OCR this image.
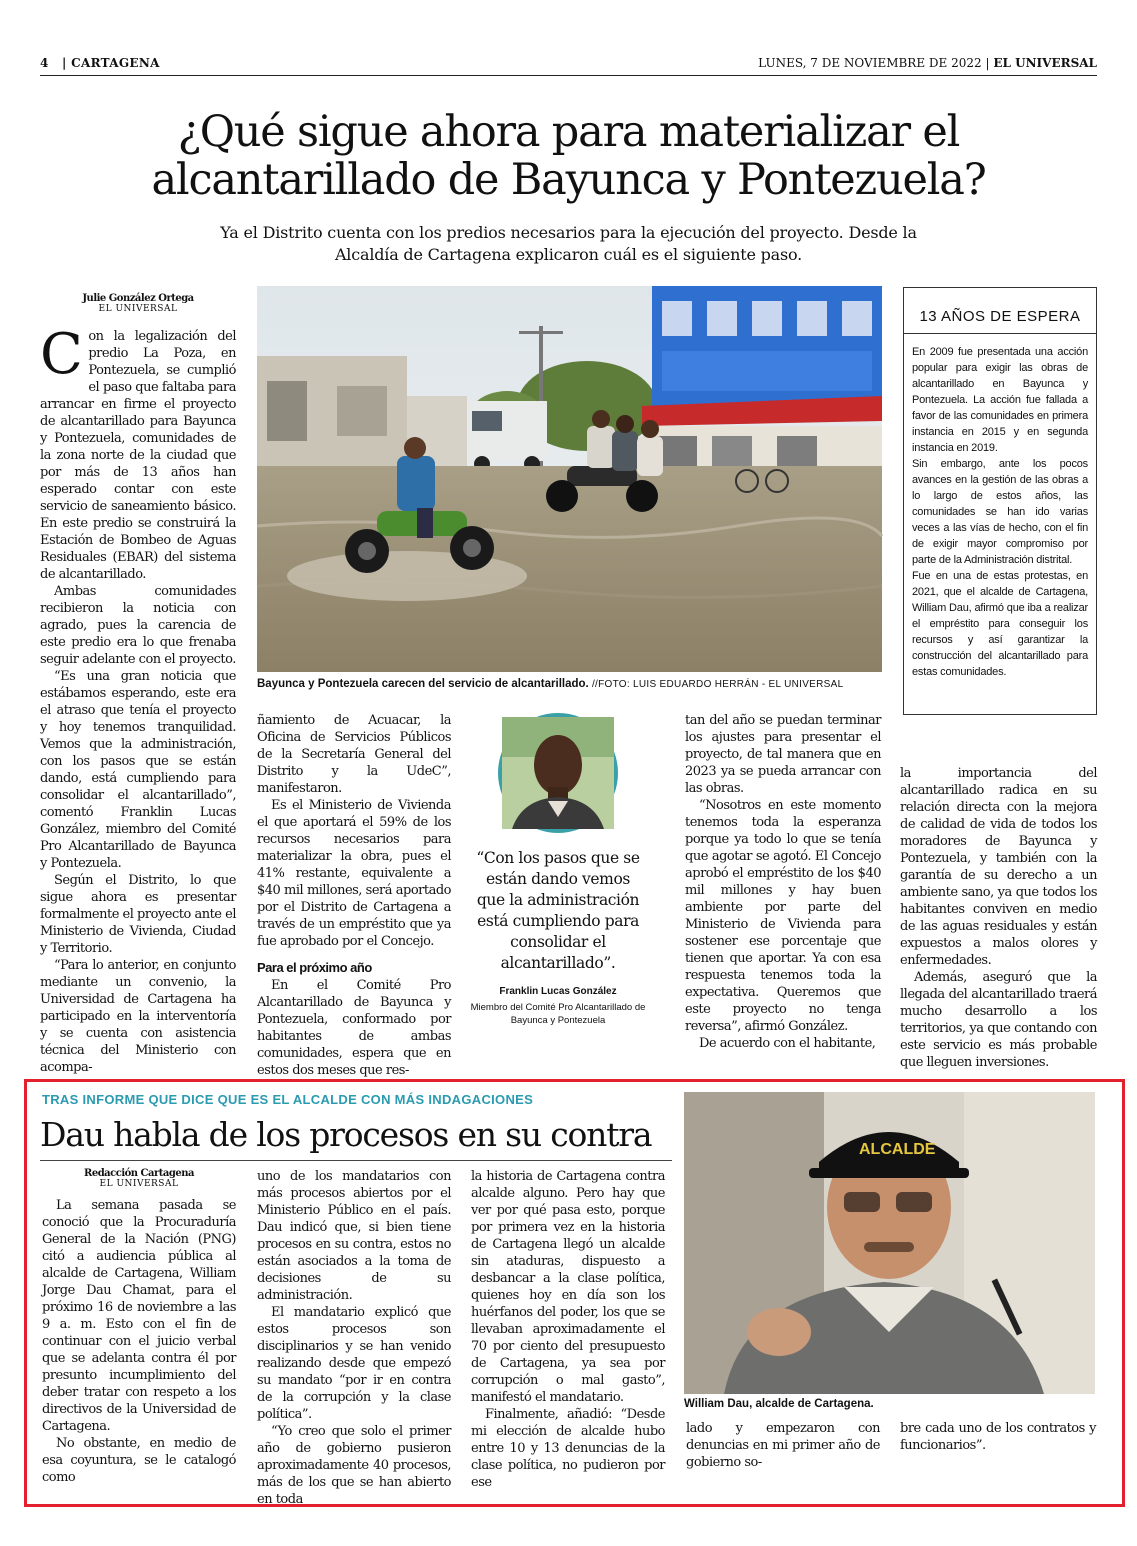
4 | CARTAGENA	LUNES, 7 DE NOVIEMBRE DE 2022 | EL UNIVERSAL
¿Qué sigue ahora para materializar el
alcantarillado de Bayunca y Pontezuela?
Ya el Distrito cuenta con los predios necesarios para la ejecución del proyecto. Desde la Alcaldía de Cartagena explicaron cuál es el siguiente paso.
Julie González Ortega
EL UNIVERSAL

Con la legalización del predio La Poza, en Pontezuela, se cumplió el paso que faltaba para arrancar en firme el proyecto de alcantarillado para Bayunca y Pontezuela, comunidades de la zona norte de la ciudad que por más de 13 años han esperado contar con este servicio de saneamiento básico. En este predio se construirá la Estación de Bombeo de Aguas Residuales (EBAR) del sistema de alcantarillado.

Ambas comunidades recibieron la noticia con agrado, pues la carencia de este predio era lo que frenaba seguir adelante con el proyecto.

“Es una gran noticia que estábamos esperando, este era el atraso que tenía el proyecto y hoy tenemos tranquilidad. Vemos que la administración, con los pasos que se están dando, está cumpliendo para consolidar el alcantarillado”, comentó Franklin Lucas González, miembro del Comité Pro Alcantarillado de Bayunca y Pontezuela.

Según el Distrito, lo que sigue ahora es presentar formalmente el proyecto ante el Ministerio de Vivienda, Ciudad y Territorio.

“Para lo anterior, en conjunto mediante un convenio, la Universidad de Cartagena ha participado en la interventoría y se cuenta con asistencia técnica del Ministerio con acompa-

Bayunca y Pontezuela carecen del servicio de alcantarillado. //FOTO: LUIS EDUARDO HERRÁN - EL UNIVERSAL
13 AÑOS DE ESPERA

En 2009 fue presentada una acción popular para exigir las obras de alcantarillado en Bayunca y Pontezuela. La acción fue fallada a favor de las comunidades en primera instancia en 2015 y en segunda instancia en 2019.

Sin embargo, ante los pocos avances en la gestión de las obras a lo largo de estos años, las comunidades se han ido varias veces a las vías de hecho, con el fin de exigir mayor compromiso por parte de la Administración distrital.

Fue en una de estas protestas, en 2021, que el alcalde de Cartagena, William Dau, afirmó que iba a realizar el empréstito para conseguir los recursos y así garantizar la construcción del alcantarillado para estas comunidades.

ñamiento de Acuacar, la Oficina de Servicios Públicos de la Secretaría General del Distrito y la UdeC”, manifestaron.

Es el Ministerio de Vivienda el que aportará el 59% de los recursos necesarios para materializar la obra, pues el 41% restante, equivalente a $40 mil millones, será aportado por el Distrito de Cartagena a través de un empréstito que ya fue aprobado por el Concejo.

Para el próximo año

En el Comité Pro Alcantarillado de Bayunca y Pontezuela, conformado por habitantes de ambas comunidades, espera que en estos dos meses que res-

“Con los pasos que se están dando vemos que la administración está cumpliendo para consolidar el alcantarillado”.
Franklin Lucas González
Miembro del Comité Pro Alcantarillado de Bayunca y Pontezuela

tan del año se puedan terminar los ajustes para presentar el proyecto, de tal manera que en 2023 ya se pueda arrancar con las obras.

“Nosotros en este momento tenemos toda la esperanza porque ya todo lo que se tenía que agotar se agotó. El Concejo aprobó el empréstito de los $40 mil millones y hay buen ambiente por parte del Ministerio de Vivienda para sostener ese porcentaje que tienen que aportar. Ya con esa respuesta tenemos toda la expectativa. Queremos que este proyecto no tenga reversa”, afirmó González.

De acuerdo con el habitante,

la importancia del alcantarillado radica en su relación directa con la mejora de calidad de vida de todos los moradores de Bayunca y Pontezuela, y también con la garantía de su derecho a un ambiente sano, ya que todos los habitantes conviven en medio de las aguas residuales y están expuestos a malos olores y enfermedades.

Además, aseguró que la llegada del alcantarillado traerá mucho desarrollo a los territorios, ya que contando con este servicio es más probable que lleguen inversiones.

TRAS INFORME QUE DICE QUE ES EL ALCALDE CON MÁS INDAGACIONES
Dau habla de los procesos en su contra
Redacción Cartagena
EL UNIVERSAL

La semana pasada se conoció que la Procuraduría General de la Nación (PNG) citó a audiencia pública al alcalde de Cartagena, William Jorge Dau Chamat, para el próximo 16 de noviembre a las 9 a. m. Esto con el fin de continuar con el juicio verbal que se adelanta contra él por presunto incumplimiento del deber tratar con respeto a los directivos de la Universidad de Cartagena.

No obstante, en medio de esa coyuntura, se le catalogó como

uno de los mandatarios con más procesos abiertos por el Ministerio Público en el país. Dau indicó que, si bien tiene procesos en su contra, estos no están asociados a la toma de decisiones de su administración.

El mandatario explicó que estos procesos son disciplinarios y se han venido realizando desde que empezó su mandato “por ir en contra de la corrupción y la clase política”.

“Yo creo que solo el primer año de gobierno pusieron aproximadamente 40 procesos, más de los que se han abierto en toda

la historia de Cartagena contra alcalde alguno. Pero hay que ver por qué pasa esto, porque por primera vez en la historia de Cartagena llegó un alcalde sin ataduras, dispuesto a desbancar a la clase política, quienes hoy en día son los huérfanos del poder, los que se llevaban aproximadamente el 70 por ciento del presupuesto de Cartagena, ya sea por corrupción o mal gasto”, manifestó el mandatario.

Finalmente, añadió: “Desde mi elección de alcalde hubo entre 10 y 13 denuncias de la clase política, no pudieron por ese

ALCALDE
William Dau, alcalde de Cartagena.

lado y empezaron con denuncias en mi primer año de gobierno so-

bre cada uno de los contratos y funcionarios”.
